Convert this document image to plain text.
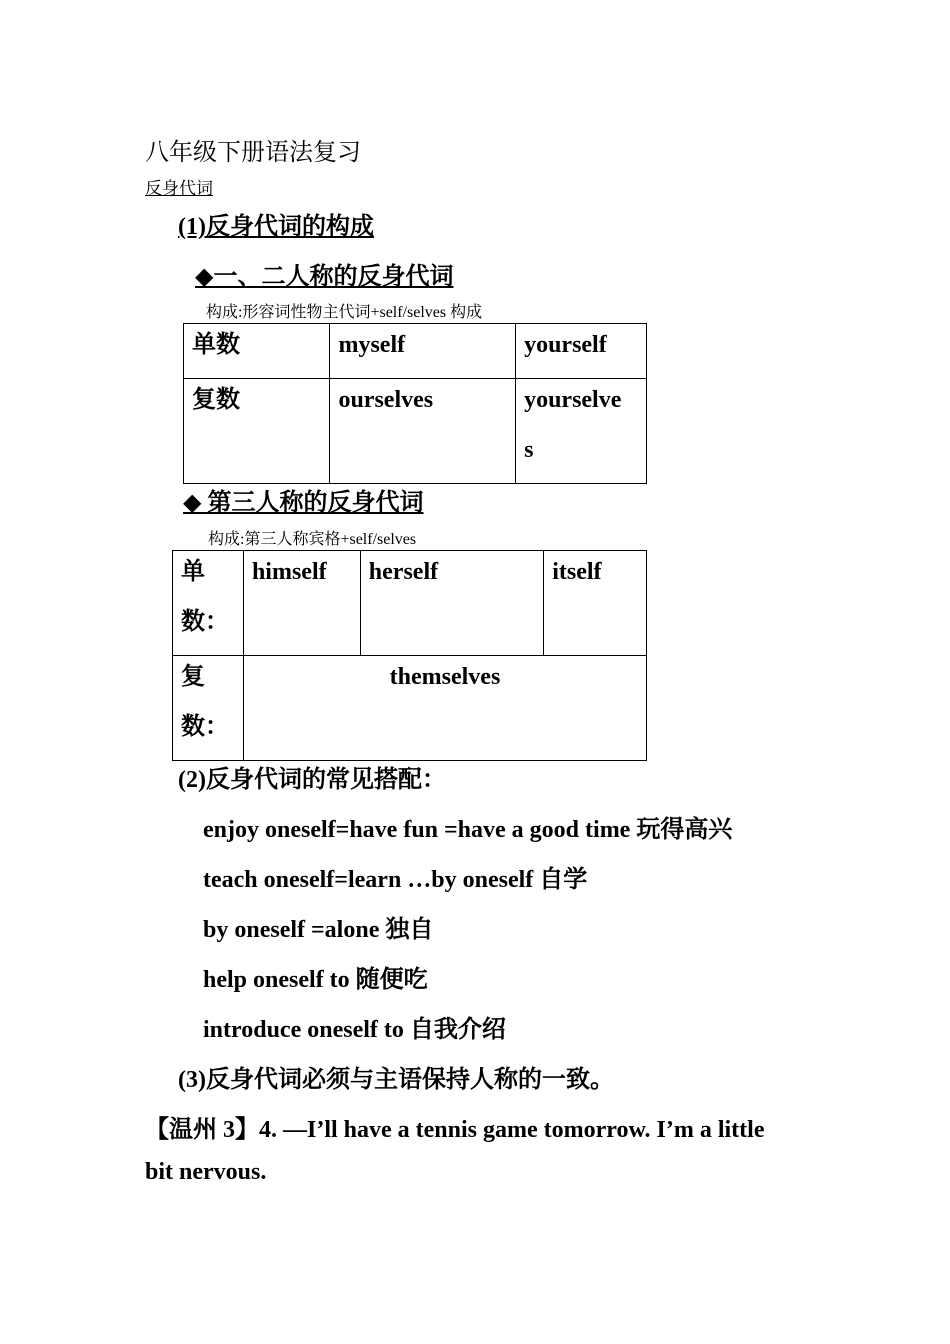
八年级下册语法复习
反身代词
(1)反身代词的构成
◆一、二人称的反身代词
构成:形容词性物主代词+self/selves 构成
单数	myself	yourself

复数	ourselves	yourselve
s
◆ 第三人称的反身代词
构成:第三人称宾格+self/selves
单
数：	himself	herself	itself

复
数：	themselves		
(2)反身代词的常见搭配：
enjoy oneself=have fun =have a good time 玩得高兴
teach oneself=learn …by oneself 自学
by oneself =alone 独自
help oneself to 随便吃
introduce oneself to 自我介绍
(3)反身代词必须与主语保持人称的一致。
【温州 3】4. —I’ll have a tennis game tomorrow. I’m a little
bit nervous.
